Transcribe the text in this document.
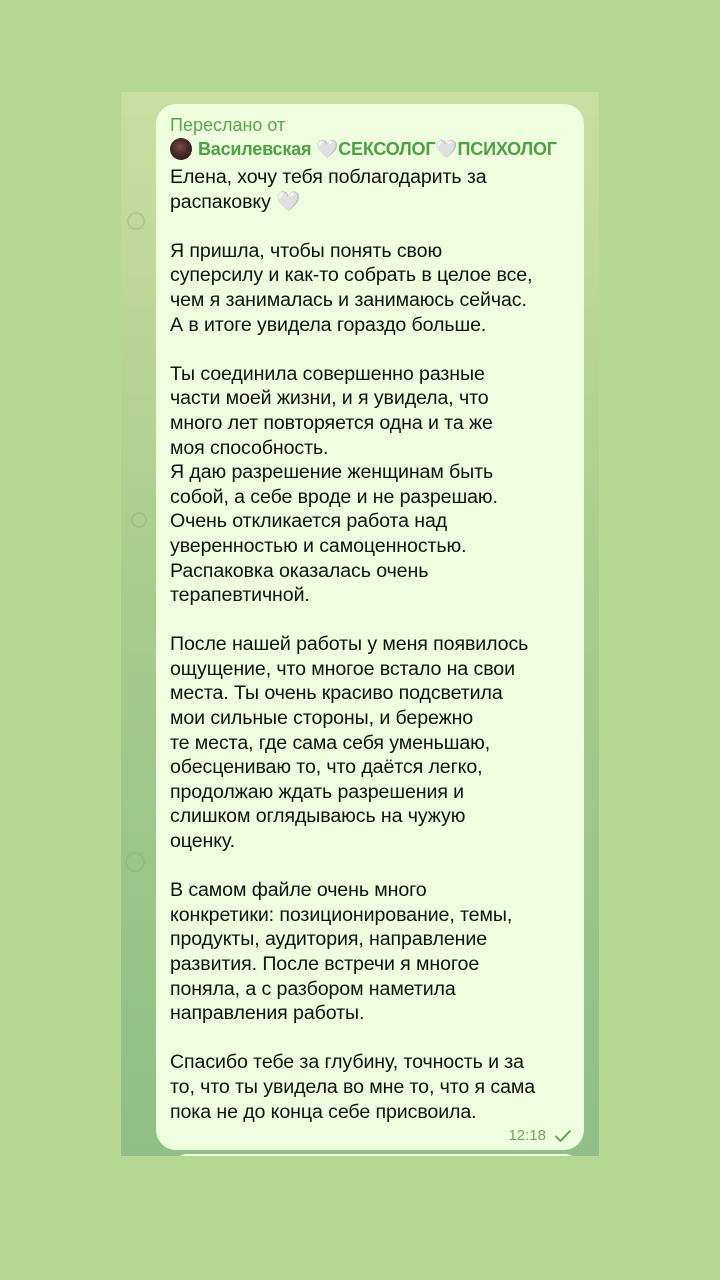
Переслано от

Василевская 🤍СЕКСОЛОГ🤍ПСИХОЛОГ
Елена, хочу тебя поблагодарить за
распаковку 🤍

Я пришла, чтобы понять свою
суперсилу и как-то собрать в целое все,
чем я занималась и занимаюсь сейчас.
А в итоге увидела гораздо больше.

Ты соединила совершенно разные
части моей жизни, и я увидела, что
много лет повторяется одна и та же
моя способность.
Я даю разрешение женщинам быть
собой, а себе вроде и не разрешаю.
Очень откликается работа над
уверенностью и самоценностью.
Распаковка оказалась очень
терапевтичной.

После нашей работы у меня появилось
ощущение, что многое встало на свои
места. Ты очень красиво подсветила
мои сильные стороны, и бережно
те места, где сама себя уменьшаю,
обесцениваю то, что даётся легко,
продолжаю ждать разрешения и
слишком оглядываюсь на чужую
оценку.

В самом файле очень много
конкретики: позиционирование, темы,
продукты, аудитория, направление
развития. После встречи я многое
поняла, а с разбором наметила
направления работы.

Спасибо тебе за глубину, точность и за
то, что ты увидела во мне то, что я сама
пока не до конца себе присвоила.
12:18
